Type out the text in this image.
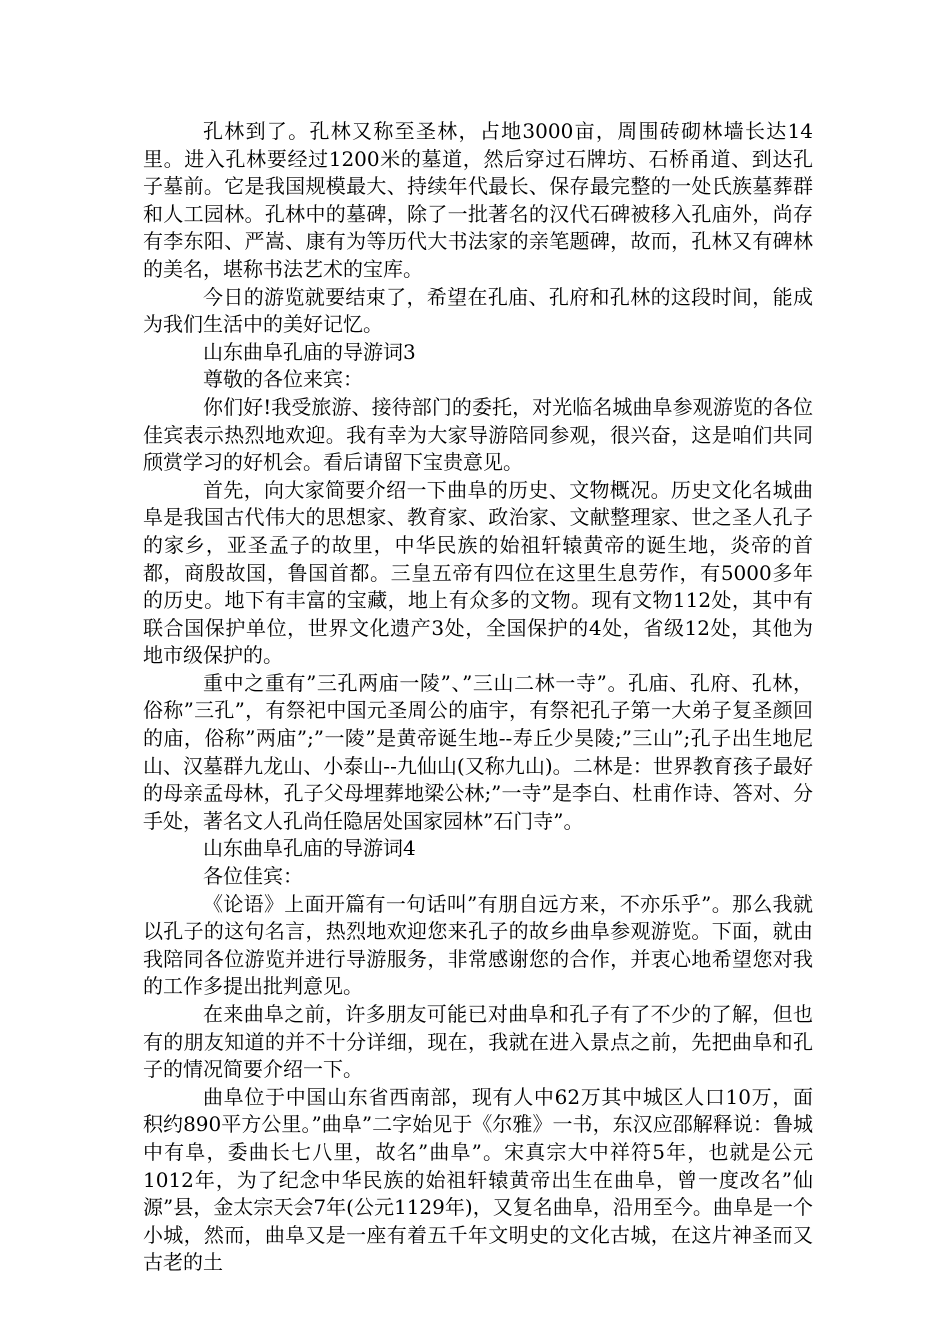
孔林到了。孔林又称至圣林，占地3000亩，周围砖砌林墙长达14里。进入孔林要经过1200米的墓道，然后穿过石牌坊、石桥甬道、到达孔子墓前。它是我国规模最大、持续年代最长、保存最完整的一处氏族墓葬群和人工园林。孔林中的墓碑，除了一批著名的汉代石碑被移入孔庙外，尚存有李东阳、严嵩、康有为等历代大书法家的亲笔题碑，故而，孔林又有碑林的美名，堪称书法艺术的宝库。

今日的游览就要结束了，希望在孔庙、孔府和孔林的这段时间，能成为我们生活中的美好记忆。

山东曲阜孔庙的导游词3

尊敬的各位来宾：

你们好!我受旅游、接待部门的委托，对光临名城曲阜参观游览的各位佳宾表示热烈地欢迎。我有幸为大家导游陪同参观，很兴奋，这是咱们共同颀赏学习的好机会。看后请留下宝贵意见。

首先，向大家简要介绍一下曲阜的历史、文物概况。历史文化名城曲阜是我国古代伟大的思想家、教育家、政治家、文献整理家、世之圣人孔子的家乡，亚圣孟子的故里，中华民族的始祖轩辕黄帝的诞生地，炎帝的首都，商殷故国，鲁国首都。三皇五帝有四位在这里生息劳作，有5000多年的历史。地下有丰富的宝藏，地上有众多的文物。现有文物112处，其中有联合国保护单位，世界文化遗产3处，全国保护的4处，省级12处，其他为地市级保护的。

重中之重有”三孔两庙一陵”、”三山二林一寺”。孔庙、孔府、孔林，俗称”三孔”，有祭祀中国元圣周公的庙宇，有祭祀孔子第一大弟子复圣颜回的庙，俗称”两庙”;”一陵”是黄帝诞生地--寿丘少昊陵;”三山”;孔子出生地尼山、汉墓群九龙山、小泰山--九仙山(又称九山)。二林是：世界教育孩子最好的母亲孟母林，孔子父母埋葬地梁公林;”一寺”是李白、杜甫作诗、答对、分手处，著名文人孔尚任隐居处国家园林”石门寺”。

山东曲阜孔庙的导游词4

各位佳宾：

《论语》上面开篇有一句话叫”有朋自远方来，不亦乐乎”。那么我就以孔子的这句名言，热烈地欢迎您来孔子的故乡曲阜参观游览。下面，就由我陪同各位游览并进行导游服务，非常感谢您的合作，并衷心地希望您对我的工作多提出批判意见。

在来曲阜之前，许多朋友可能已对曲阜和孔子有了不少的了解，但也有的朋友知道的并不十分详细，现在，我就在进入景点之前，先把曲阜和孔子的情况简要介绍一下。

曲阜位于中国山东省西南部，现有人中62万其中城区人口10万，面积约890平方公里。”曲阜”二字始见于《尔雅》一书，东汉应邵解释说：鲁城中有阜，委曲长七八里，故名”曲阜”。宋真宗大中祥符5年，也就是公元1012年，为了纪念中华民族的始祖轩辕黄帝出生在曲阜，曾一度改名”仙源”县，金太宗天会7年(公元1129年)，又复名曲阜，沿用至今。曲阜是一个小城，然而，曲阜又是一座有着五千年文明史的文化古城，在这片神圣而又古老的土
